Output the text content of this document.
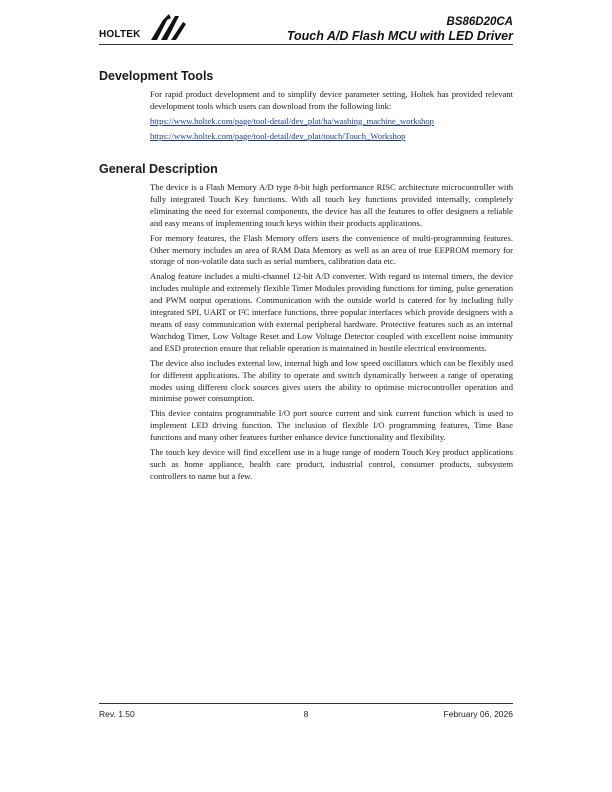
HOLTEK
BS86D20CA
Touch A/D Flash MCU with LED Driver
Development Tools

For rapid product development and to simplify device parameter setting, Holtek has provided relevant development tools which users can download from the following link:

https://www.holtek.com/page/tool-detail/dev_plat/ha/washing_machine_workshop
https://www.holtek.com/page/tool-detail/dev_plat/touch/Touch_Workshop
General Description

The device is a Flash Memory A/D type 8-bit high performance RISC architecture microcontroller with fully integrated Touch Key functions. With all touch key functions provided internally, completely eliminating the need for external components, the device has all the features to offer designers a reliable and easy means of implementing touch keys within their products applications.

For memory features, the Flash Memory offers users the convenience of multi-programming features. Other memory includes an area of RAM Data Memory as well as an area of true EEPROM memory for storage of non-volatile data such as serial numbers, calibration data etc.

Analog feature includes a multi-channel 12-bit A/D converter. With regard to internal timers, the device includes multiple and extremely flexible Timer Modules providing functions for timing, pulse generation and PWM output operations. Communication with the outside world is catered for by including fully integrated SPI, UART or I²C interface functions, three popular interfaces which provide designers with a means of easy communication with external peripheral hardware. Protective features such as an internal Watchdog Timer, Low Voltage Reset and Low Voltage Detector coupled with excellent noise immunity and ESD protection ensure that reliable operation is maintained in hostile electrical environments.

The device also includes external low, internal high and low speed oscillators which can be flexibly used for different applications. The ability to operate and switch dynamically between a range of operating modes using different clock sources gives users the ability to optimise microcontroller operation and minimise power consumption.

This device contains programmable I/O port source current and sink current function which is used to implement LED driving function. The inclusion of flexible I/O programming features, Time Base functions and many other features further enhance device functionality and flexibility.

The touch key device will find excellent use in a huge range of modern Touch Key product applications such as home appliance, health care product, industrial control, consumer products, subsystem controllers to name but a few.

Rev. 1.50	8	February 06, 2026
